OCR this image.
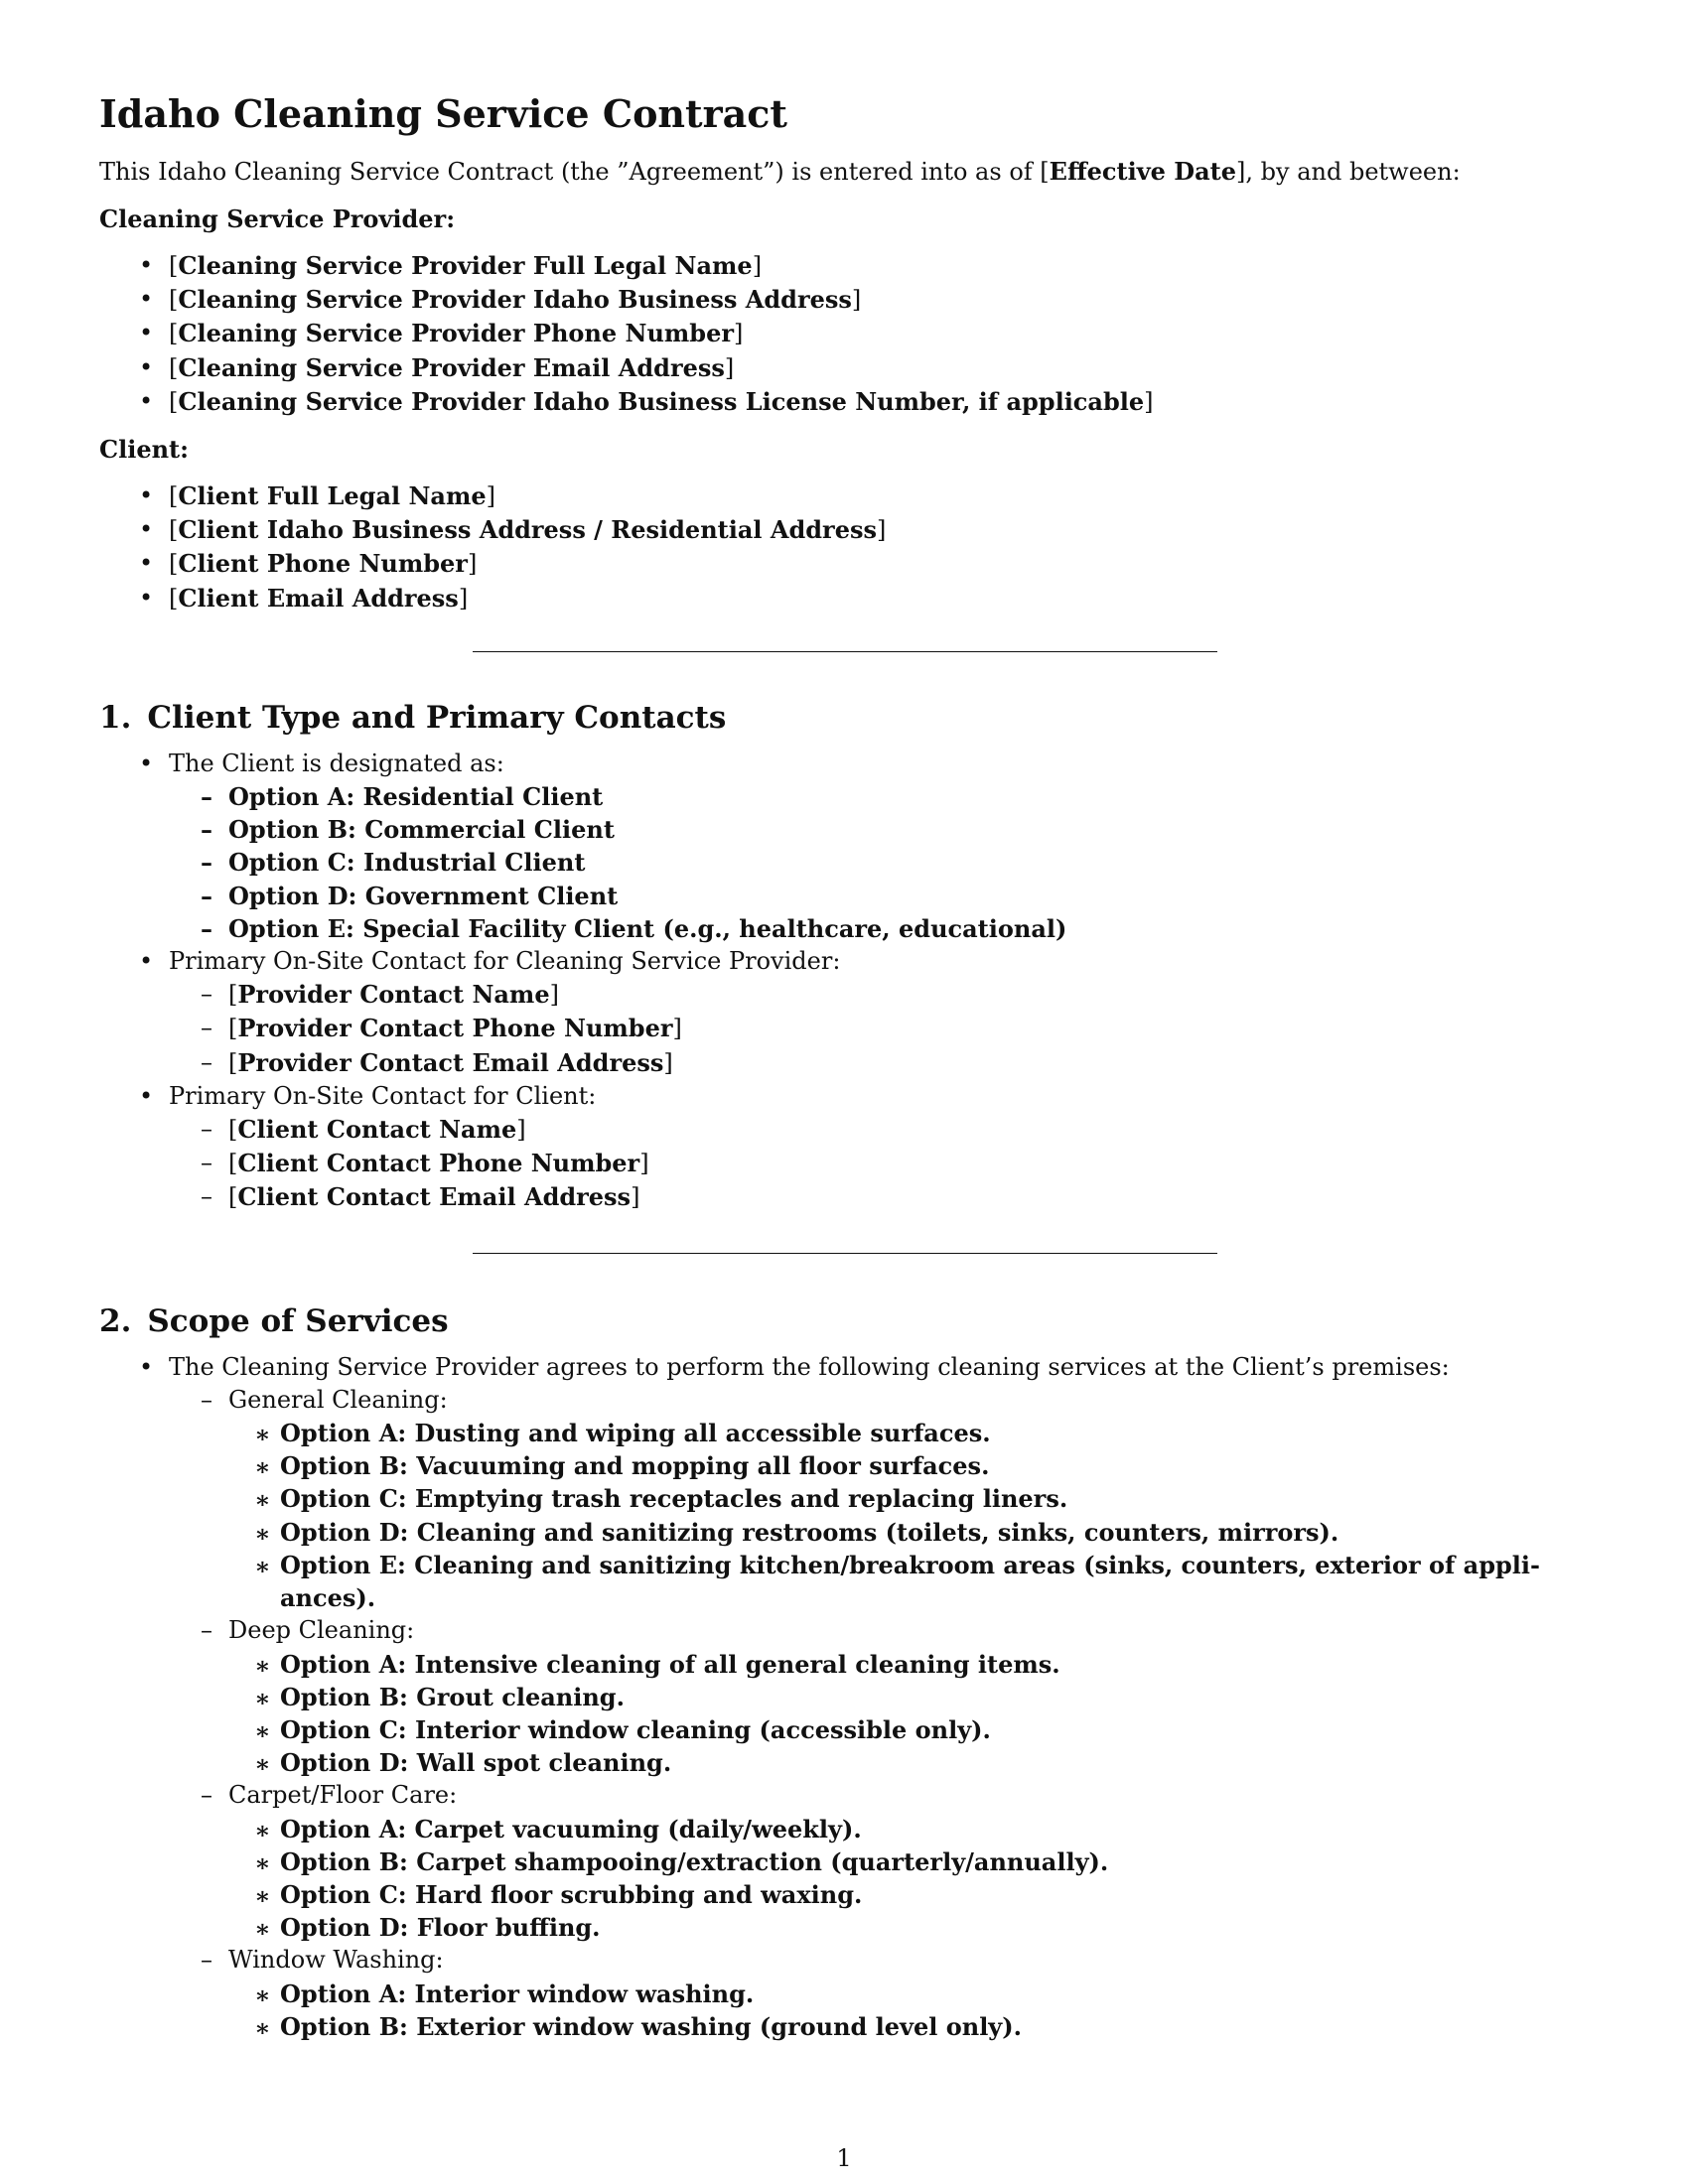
Idaho Cleaning Service Contract

This Idaho Cleaning Service Contract (the ”Agreement”) is entered into as of [Effective Date], by and between:

Cleaning Service Provider:

• [Cleaning Service Provider Full Legal Name]
• [Cleaning Service Provider Idaho Business Address]
• [Cleaning Service Provider Phone Number]
• [Cleaning Service Provider Email Address]
• [Cleaning Service Provider Idaho Business License Number, if applicable]

Client:

• [Client Full Legal Name]
• [Client Idaho Business Address / Residential Address]
• [Client Phone Number]
• [Client Email Address]
1. Client Type and Primary Contacts
• The Client is designated as:
– Option A: Residential Client
– Option B: Commercial Client
– Option C: Industrial Client
– Option D: Government Client
– Option E: Special Facility Client (e.g., healthcare, educational)
• Primary On-Site Contact for Cleaning Service Provider:
– [Provider Contact Name]
– [Provider Contact Phone Number]
– [Provider Contact Email Address]
• Primary On-Site Contact for Client:
– [Client Contact Name]
– [Client Contact Phone Number]
– [Client Contact Email Address]
2. Scope of Services
• The Cleaning Service Provider agrees to perform the following cleaning services at the Client’s premises:
– General Cleaning:
∗ Option A: Dusting and wiping all accessible surfaces.
∗ Option B: Vacuuming and mopping all floor surfaces.
∗ Option C: Emptying trash receptacles and replacing liners.
∗ Option D: Cleaning and sanitizing restrooms (toilets, sinks, counters, mirrors).
∗ Option E: Cleaning and sanitizing kitchen/breakroom areas (sinks, counters, exterior of appli-
ances).
– Deep Cleaning:
∗ Option A: Intensive cleaning of all general cleaning items.
∗ Option B: Grout cleaning.
∗ Option C: Interior window cleaning (accessible only).
∗ Option D: Wall spot cleaning.
– Carpet/Floor Care:
∗ Option A: Carpet vacuuming (daily/weekly).
∗ Option B: Carpet shampooing/extraction (quarterly/annually).
∗ Option C: Hard floor scrubbing and waxing.
∗ Option D: Floor buffing.
– Window Washing:
∗ Option A: Interior window washing.
∗ Option B: Exterior window washing (ground level only).
1
